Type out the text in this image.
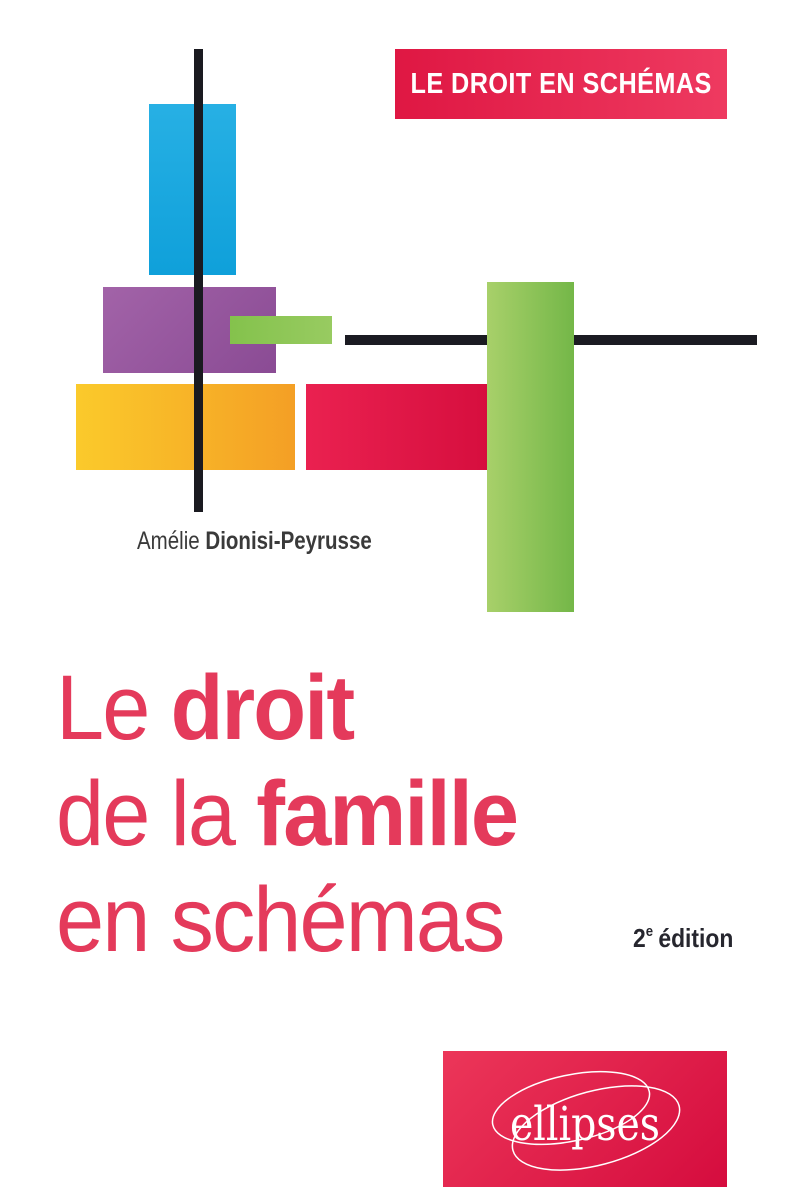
LE DROIT EN SCHÉMAS
Amélie Dionisi-Peyrusse
Le droit
de la famille
en schémas	2e édition
ellipses
